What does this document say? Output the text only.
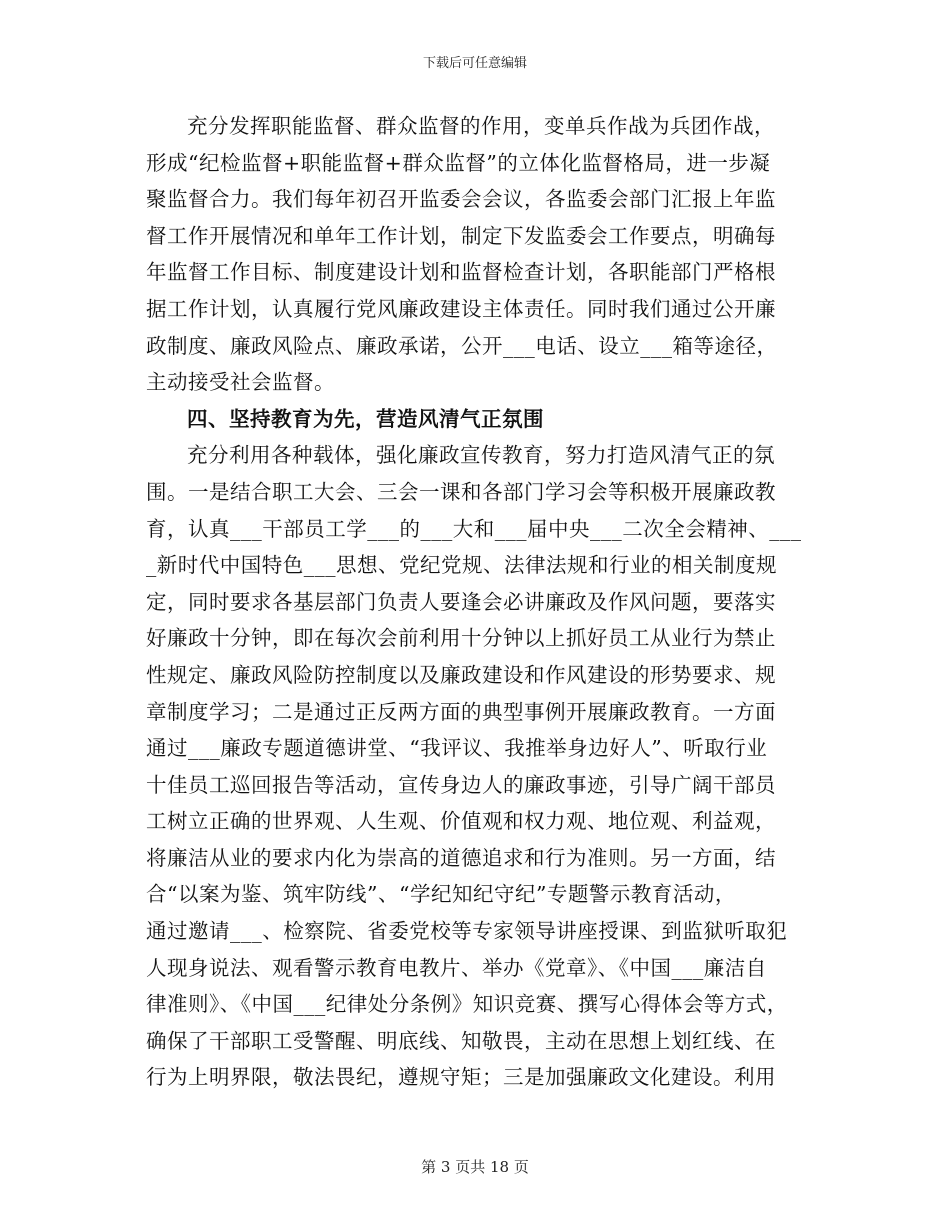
下载后可任意编辑
充分发挥职能监督、群众监督的作用，变单兵作战为兵团作战，
形成“纪检监督+职能监督+群众监督”的立体化监督格局，进一步凝
聚监督合力。我们每年初召开监委会会议，各监委会部门汇报上年监
督工作开展情况和单年工作计划，制定下发监委会工作要点，明确每
年监督工作目标、制度建设计划和监督检查计划，各职能部门严格根
据工作计划，认真履行党风廉政建设主体责任。同时我们通过公开廉
政制度、廉政风险点、廉政承诺，公开___电话、设立___箱等途径，
主动接受社会监督。
四、坚持教育为先，营造风清气正氛围
充分利用各种载体，强化廉政宣传教育，努力打造风清气正的氛
围。一是结合职工大会、三会一课和各部门学习会等积极开展廉政教
育，认真___干部员工学___的___大和___届中央___二次全会精神、___
_新时代中国特色___思想、党纪党规、法律法规和行业的相关制度规
定，同时要求各基层部门负责人要逢会必讲廉政及作风问题，要落实
好廉政十分钟，即在每次会前利用十分钟以上抓好员工从业行为禁止
性规定、廉政风险防控制度以及廉政建设和作风建设的形势要求、规
章制度学习；二是通过正反两方面的典型事例开展廉政教育。一方面
通过___廉政专题道德讲堂、“我评议、我推举身边好人”、听取行业
十佳员工巡回报告等活动，宣传身边人的廉政事迹，引导广阔干部员
工树立正确的世界观、人生观、价值观和权力观、地位观、利益观，
将廉洁从业的要求内化为崇高的道德追求和行为准则。另一方面，结
合“以案为鉴、筑牢防线”、“学纪知纪守纪”专题警示教育活动，
通过邀请___、检察院、省委党校等专家领导讲座授课、到监狱听取犯
人现身说法、观看警示教育电教片、举办《党章》、《中国___廉洁自
律准则》、《中国___纪律处分条例》知识竞赛、撰写心得体会等方式，
确保了干部职工受警醒、明底线、知敬畏，主动在思想上划红线、在
行为上明界限，敬法畏纪，遵规守矩；三是加强廉政文化建设。利用
第 3 页共 18 页
